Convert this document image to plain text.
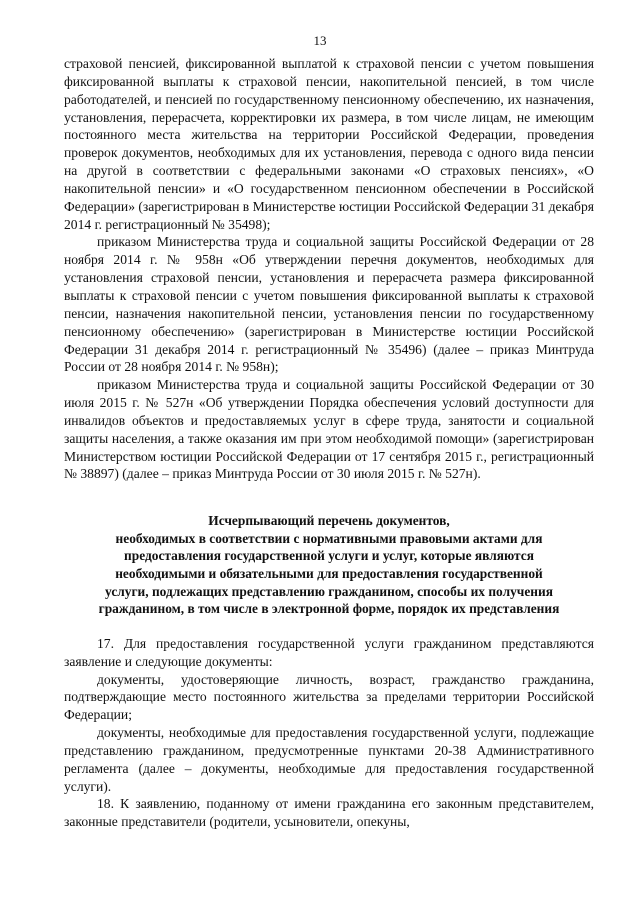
13

страховой пенсией, фиксированной выплатой к страховой пенсии с учетом повышения фиксированной выплаты к страховой пенсии, накопительной пенсией, в том числе работодателей, и пенсией по государственному пенсионному обеспечению, их назначения, установления, перерасчета, корректировки их размера, в том числе лицам, не имеющим постоянного места жительства на территории Российской Федерации, проведения проверок документов, необходимых для их установления, перевода с одного вида пенсии на другой в соответствии с федеральными законами «О страховых пенсиях», «О накопительной пенсии» и «О государственном пенсионном обеспечении в Российской Федерации» (зарегистрирован в Министерстве юстиции Российской Федерации 31 декабря 2014 г. регистрационный № 35498);

приказом Министерства труда и социальной защиты Российской Федерации от 28 ноября 2014 г. № 958н «Об утверждении перечня документов, необходимых для установления страховой пенсии, установления и перерасчета размера фиксированной выплаты к страховой пенсии с учетом повышения фиксированной выплаты к страховой пенсии, назначения накопительной пенсии, установления пенсии по государственному пенсионному обеспечению» (зарегистрирован в Министерстве юстиции Российской Федерации 31 декабря 2014 г. регистрационный № 35496) (далее – приказ Минтруда России от 28 ноября 2014 г. № 958н);

приказом Министерства труда и социальной защиты Российской Федерации от 30 июля 2015 г. № 527н «Об утверждении Порядка обеспечения условий доступности для инвалидов объектов и предоставляемых услуг в сфере труда, занятости и социальной защиты населения, а также оказания им при этом необходимой помощи» (зарегистрирован Министерством юстиции Российской Федерации от 17 сентября 2015 г., регистрационный № 38897) (далее – приказ Минтруда России от 30 июля 2015 г. № 527н).

Исчерпывающий перечень документов,
необходимых в соответствии с нормативными правовыми актами для
предоставления государственной услуги и услуг, которые являются
необходимыми и обязательными для предоставления государственной
услуги, подлежащих представлению гражданином, способы их получения
гражданином, в том числе в электронной форме, порядок их представления

17. Для предоставления государственной услуги гражданином представляются заявление и следующие документы:

документы, удостоверяющие личность, возраст, гражданство гражданина, подтверждающие место постоянного жительства за пределами территории Российской Федерации;

документы, необходимые для предоставления государственной услуги, подлежащие представлению гражданином, предусмотренные пунктами 20-38 Административного регламента (далее – документы, необходимые для предоставления государственной услуги).

18. К заявлению, поданному от имени гражданина его законным представителем, законные представители (родители, усыновители, опекуны,
